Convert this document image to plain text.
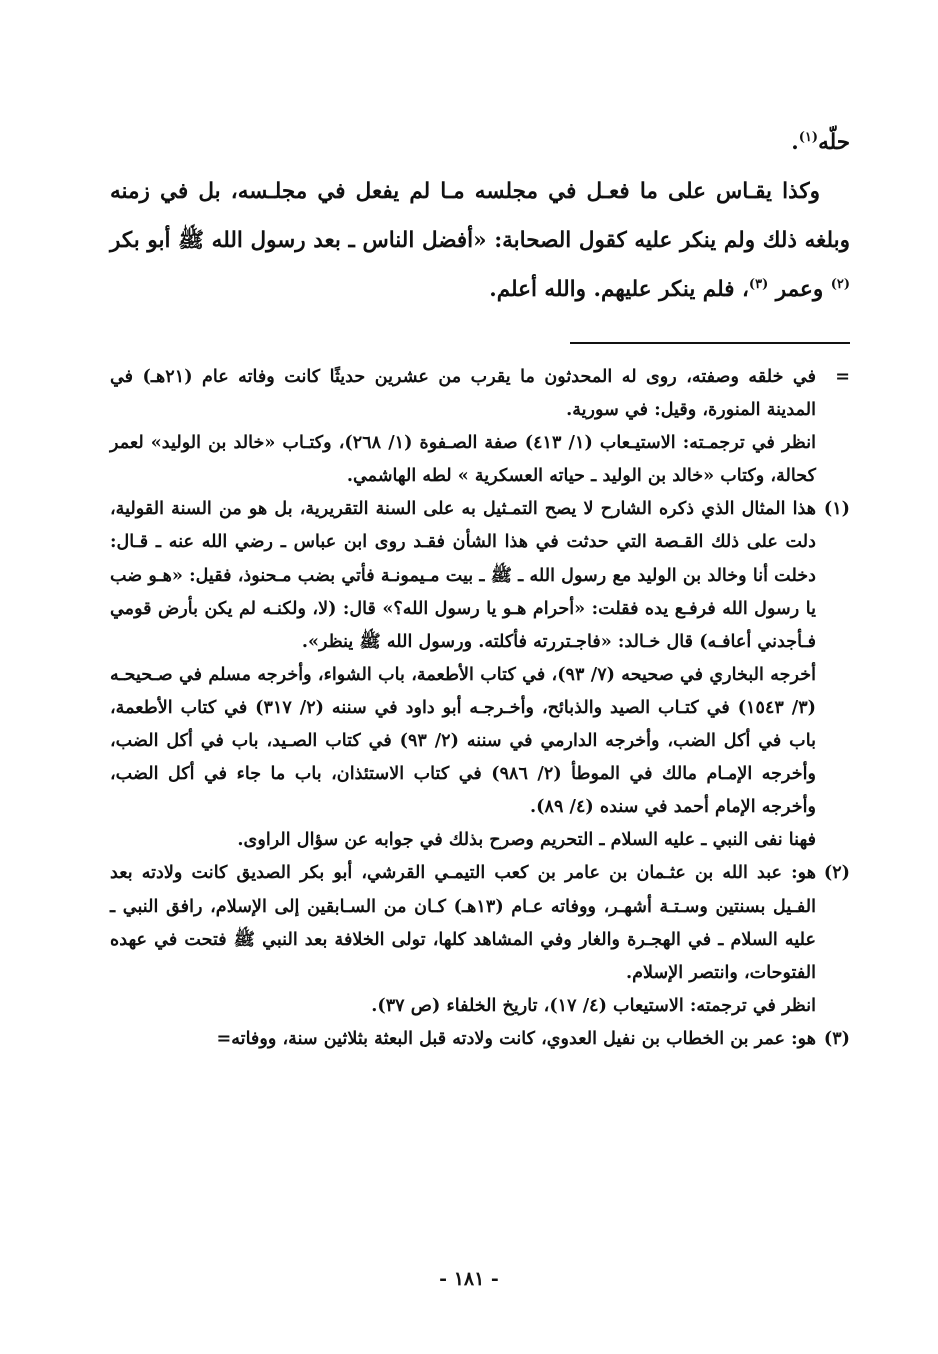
حلّه$^{(١)}$.

وكذا يقـاس على ما فعـل في مجلسه مـا لم يفعل في مجلـسه، بل في زمنه وبلغه ذلك ولم ينكر عليه كقول الصحابة: «أفضل الناس ـ بعد رسول الله ﷺ أبو بكر $^{(٢)}$ وعمر $^{(٣)}$، فلم ينكر عليهم. والله أعلم.

=
في خلقه وصفته، روى له المحدثون ما يقرب من عشرين حديثًا كانت وفاته عام (٢١هـ) في المدينة المنورة، وقيل: في سورية.

انظر في ترجمـته: الاستيـعاب (١/ ٤١٣) صفة الصـفوة (١/ ٢٦٨)، وكتـاب «خالد بن الوليد» لعمر كحالة، وكتاب «خالد بن الوليد ـ حياته العسكرية » لطه الهاشمي.

(١)
هذا المثال الذي ذكره الشارح لا يصح التمـثيل به على السنة التقريرية، بل هو من السنة القولية، دلت على ذلك القـصة التي حدثت في هذا الشأن فقـد روى ابن عباس ـ رضي الله عنه ـ قـال: دخلت أنا وخالد بن الوليد مع رسول الله ـ ﷺ ـ بيت مـيمونـة فأتي بضب مـحنوذ، فقيل: «هـو ضب يا رسول الله فرفـع يده فقلت: «أحرام هـو يا رسول الله؟» قال: (لا، ولكنـه لم يكن بأرض قومي فـأجدني أعافـه) قال خـالد: «فاجـتررته فأكلته. ورسول الله ﷺ ينظر».

أخرجه البخاري في صحيحه (٧/ ٩٣)، في كتاب الأطعمة، باب الشواء، وأخرجه مسلم في صـحيحـه (٣/ ١٥٤٣) في كتـاب الصيد والذبائح، وأخـرجـه أبو داود في سننه (٢/ ٣١٧) في كتاب الأطعمة، باب في أكل الضب، وأخرجه الدارمي في سننه (٢/ ٩٣) في كتاب الصـيد، باب في أكل الضب، وأخرجه الإمـام مالك في الموطأ (٢/ ٩٨٦) في كتاب الاستئذان، باب ما جاء في أكل الضب، وأخرجه الإمام أحمد في سنده (٤/ ٨٩).

فهنا نفى النبي ـ عليه السلام ـ التحريم وصرح بذلك في جوابه عن سؤال الراوى.

(٢)
هو: عبد الله بن عثـمان بن عامر بن كعب التيمـي القرشي، أبو بكر الصديق كانت ولادته بعد الفـيل بسنتين وسـتـة أشهـر، ووفاته عـام (١٣هـ) كـان من السـابقين إلى الإسلام، رافق النبي ـ عليه السلام ـ في الهجـرة والغار وفي المشاهد كلها، تولى الخلافة بعد النبي ﷺ فتحت في عهده الفتوحات، وانتصر الإسلام.

انظر في ترجمته: الاستيعاب (٤/ ١٧)، تاريخ الخلفاء (ص ٣٧).

(٣)
هو: عمر بن الخطاب بن نفيل العدوي، كانت ولادته قبل البعثة بثلاثين سنة، ووفاته=

- ١٨١ -
